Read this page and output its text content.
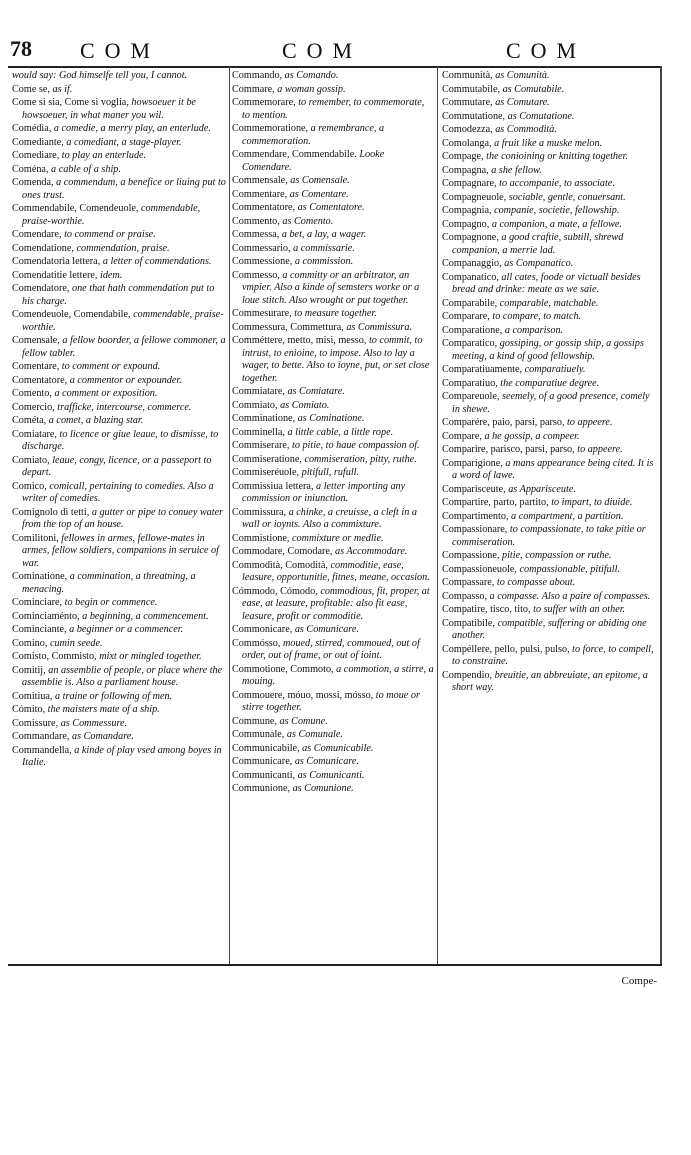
78 COM	COM	COM
would say: God himselfe tell you, I cannot.
Come se, as if.
Come si sia, Come si voglia, howsoeuer it be howsoeuer, in what maner you wil.
Comédia, a comedie, a merry play, an enterlude.
Comediante, a comediant, a stage-player.
Comediare, to play an enterlude.
Coména, a cable of a ship.
Comenda, a commendum, a benefice or liuing put to ones trust.
Commendabile, Comendeuole, commendable, praise-worthie.
Comendare, to commend or praise.
Comendatione, commendation, praise.
Comendatoria lettera, a letter of commendations.
Comendatitie lettere, idem.
Comendatore, one that hath commendation put to his charge.
Comendeuole, Comendabile, commendable, praise-worthie.
Comensale, a fellow boorder, a fellowe commoner, a fellow tabler.
Comentare, to comment or expound.
Comentatore, a commentor or expounder.
Comento, a comment or exposition.
Comercio, trafficke, intercourse, commerce.
Cométa, a comet, a blazing star.
Comiatare, to licence or giue leaue, to dismisse, to discharge.
Comiato, leaue, congy, licence, or a passeport to depart.
Comico, comicall, pertaining to comedies. Also a writer of comedies.
Comignolo di tetti, a gutter or pipe to conuey water from the top of an house.
Comilitoni, fellowes in armes, fellowe-mates in armes, fellow soldiers, companions in seruice of war.
Cominatione, a commination, a threatning, a menacing.
Cominciare, to begin or commence.
Cominciaménto, a beginning, a commencement.
Cominciante, a beginner or a commencer.
Comino, cumin seede.
Comisto, Commisto, mixt or mingled together.
Comitij, an assemblie of people, or place where the assemblie is. Also a parliament house.
Comitiua, a traine or following of men.
Cómito, the maisters mate of a ship.
Comissure, as Commessure.
Commandare, as Comandare.
Commandella, a kinde of play vsed among boyes in Italie.
Commando, as Comando.
Commare, a woman gossip.
Commemorare, to remember, to commemorate, to mention.
Commemoratione, a remembrance, a commemoration.
Commendare, Commendabile. Looke Comendare.
Commensale, as Comensale.
Commentare, as Comentare.
Commentatore, as Comentatore.
Commento, as Comento.
Commessa, a bet, a lay, a wager.
Commessario, a commissarie.
Commessione, a commission.
Commesso, a committy or an arbitrator, an vmpier. Also a kinde of semsters worke or a loue stitch. Also wrought or put together.
Commesurare, to measure together.
Commessura, Commettura, as Commissura.
Comméttere, metto, misi, messo, to commit, to intrust, to enioine, to impose. Also to lay a wager, to bette. Also to ioyne, put, or set close together.
Commiatare, as Comiatare.
Commiato, as Comiato.
Comminatione, as Cominatione.
Comminella, a little cable, a little rope.
Commiserare, to pitie, to haue compassion of.
Commiseratione, commiseration, pitty, ruthe.
Commiseréuole, pitifull, rufull.
Commissiua lettera, a letter importing any commission or iniunction.
Commissura, a chinke, a creuisse, a cleft in a wall or ioynts. Also a commixture.
Commistione, commixture or medlie.
Commodare, Comodare, as Accommodare.
Commodità, Comodità, commoditie, ease, leasure, opportunitie, fitnes, meane, occasion.
Cómmodo, Cómodo, commodious, fit, proper, at ease, at leasure, profitable: also fit ease, leasure, profit or commoditie.
Commonicare, as Comunicare.
Commósso, moued, stirred, commoued, out of order, out of frame, or out of ioint.
Commotione, Commoto, a commotion, a stirre, a mouing.
Commouere, móuo, mossi, mósso, to moue or stirre together.
Commune, as Comune.
Communale, as Comunale.
Communicabile, as Comunicabile.
Communicare, as Comunicare.
Communicanti, as Comunicanti.
Communione, as Comunione.
Communità, as Comunità.
Commutabile, as Comutabile.
Commutare, as Comutare.
Commutatione, as Comutatione.
Comodezza, as Commodità.
Comolanga, a fruit like a muske melon.
Compage, the conioining or knitting together.
Compagna, a she fellow.
Compagnare, to accompanie, to associate.
Compagneuole, sociable, gentle, conuersant.
Compagnia, companie, societie, fellowship.
Compagno, a companion, a mate, a fellowe.
Compagnone, a good craftie, subtill, shrewd companion, a merrie lad.
Companaggio, as Companatico.
Companatico, all cates, foode or victuall besides bread and drinke: meate as we saie.
Comparabile, comparable, matchable.
Comparare, to compare, to match.
Comparatione, a comparison.
Comparatico, gossiping, or gossip ship, a gossips meeting, a kind of good fellowship.
Comparatiuamente, comparatiuely.
Comparatiuo, the comparatiue degree.
Compareuole, seemely, of a good presence, comely in shewe.
Comparére, paio, parsi, parso, to appeere.
Compare, a he gossip, a compeer.
Comparire, parisco, parsi, parso, to appeere.
Comparigione, a mans appearance being cited. It is a word of lawe.
Comparisceute, as Apparisceute.
Compartire, parto, partito, to impart, to diuide.
Compartimento, a compartment, a partition.
Compassionare, to compassionate, to take pitie or commiseration.
Compassione, pitie, compassion or ruthe.
Compassioneuole, compassionable, pitifull.
Compassare, to compasse about.
Compasso, a compasse. Also a paire of compasses.
Compatire, tisco, tito, to suffer with an other.
Compatibile, compatible, suffering or abiding one another.
Compéllere, pello, pulsi, pulso, to force, to compell, to constraine.
Compendio, breuitie, an abbreuiate, an epitome, a short way.
Compe-
